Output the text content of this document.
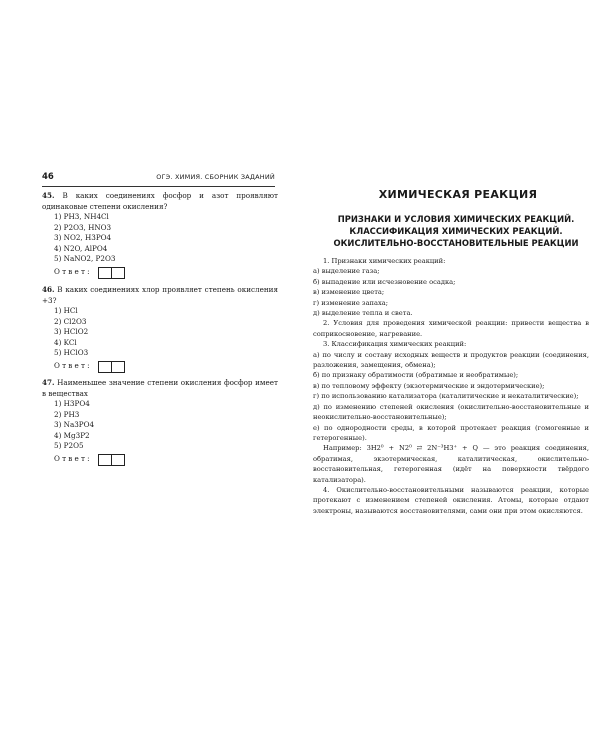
46	ОГЭ. ХИМИЯ. СБОРНИК ЗАДАНИЙ
45. В каких соединениях фосфор и азот проявляют одинаковые степени окисления?
1) PH3, NH4Cl
2) P2O3, HNO3
3) NO2, H3PO4
4) N2O, AlPO4
5) NaNO2, P2O3
Ответ:
46. В каких соединениях хлор проявляет степень окисления +3?
1) HCl
2) Cl2O3
3) HClO2
4) KCl
5) HClO3
Ответ:
47. Наименьшее значение степени окисления фосфор имеет в веществах
1) H3PO4
2) PH3
3) Na3PO4
4) Mg3P2
5) P2O5
Ответ:
ХИМИЧЕСКАЯ РЕАКЦИЯ
ПРИЗНАКИ И УСЛОВИЯ ХИМИЧЕСКИХ РЕАКЦИЙ.
КЛАССИФИКАЦИЯ ХИМИЧЕСКИХ РЕАКЦИЙ.
ОКИСЛИТЕЛЬНО-ВОССТАНОВИТЕЛЬНЫЕ РЕАКЦИИ

1. Признаки химических реакций:

а) выделение газа;

б) выпадение или исчезновение осадка;

в) изменение цвета;

г) изменение запаха;

д) выделение тепла и света.

2. Условия для проведения химической реакции: привести вещества в соприкосновение, нагревание.

3. Классификация химических реакций:

а) по числу и составу исходных веществ и продуктов реакции (соединения, разложения, замещения, обмена);

б) по признаку обратимости (обратимые и необратимые);

в) по тепловому эффекту (экзотермические и эндотермические);

г) по использованию катализатора (каталитические и некаталитические);

д) по изменению степеней окисления (окислительно-восстановительные и неокислительно-восстановительные);

е) по однородности среды, в которой протекает реакция (гомогенные и гетерогенные).

Например: 3H2⁰ + N2⁰ ⇄ 2N⁻³H3⁺ + Q — это реакция соединения, обратимая, экзотермическая, каталитическая, окислительно-восстановительная, гетерогенная (идёт на поверхности твёрдого катализатора).

4. Окислительно-восстановительными называются реакции, которые протекают с изменением степеней окисления. Атомы, которые отдают электроны, называются восстановителями, сами они при этом окисляются.
